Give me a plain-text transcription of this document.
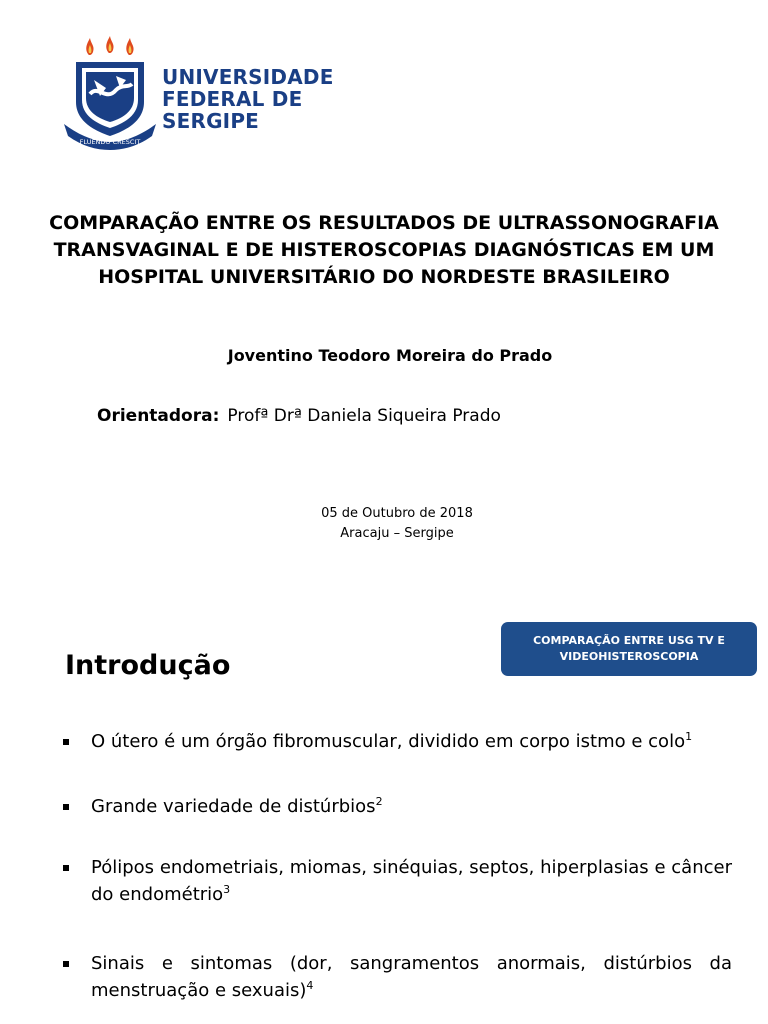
FLUENDO CRESCIT
UNIVERSIDADE
FEDERAL DE
SERGIPE
COMPARAÇÃO ENTRE OS RESULTADOS DE ULTRASSONOGRAFIA TRANSVAGINAL E DE HISTEROSCOPIAS DIAGNÓSTICAS EM UM HOSPITAL UNIVERSITÁRIO DO NORDESTE BRASILEIRO
Joventino Teodoro Moreira do Prado
Orientadora: Profª Drª Daniela Siqueira Prado
05 de Outubro de 2018
Aracaju – Sergipe
COMPARAÇÃO ENTRE USG TV E VIDEOHISTEROSCOPIA
Introdução
O útero é um órgão fibromuscular, dividido em corpo istmo e colo$^1$
Grande variedade de distúrbios$^2$
Pólipos endometriais, miomas, sinéquias, septos, hiperplasias e câncer do endométrio$^3$
Sinais e sintomas (dor, sangramentos anormais, distúrbios da menstruação e sexuais)$^4$
